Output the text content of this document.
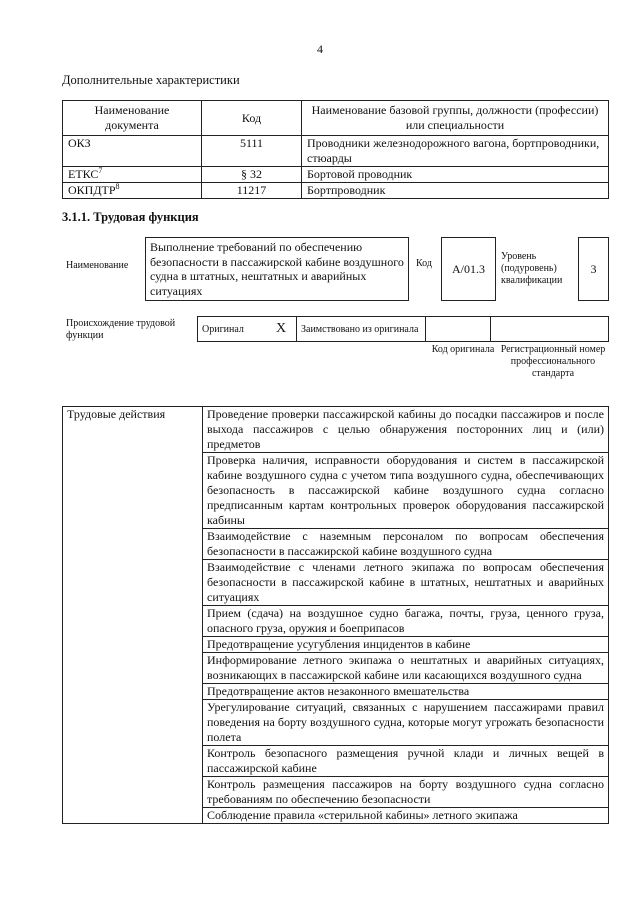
4
Дополнительные характеристики
Наименование документа	Код	Наименование базовой группы, должности (профессии) или специальности
ОКЗ	5111	Проводники железнодорожного вагона, бортпроводники, стюарды
ЕТКС$^7$	§ 32	Бортовой проводник
ОКПДТР$^8$	11217	Бортпроводник
3.1.1. Трудовая функция
Наименование
Выполнение требований по обеспечению безопасности в пассажирской кабине воздушного судна в штатных, нештатных и аварийных ситуациях
Код A/01.3
Уровень (подуровень) квалификации
3
Происхождение трудовой функции
Оригинал	X	Заимствовано из оригинала		
Код оригинала Регистрационный номер профессионального стандарта
Трудовые действия	Проведение проверки пассажирской кабины до посадки пассажиров и после выхода пассажиров с целью обнаружения посторонних лиц и (или) предметов
Проверка наличия, исправности оборудования и систем в пассажирской кабине воздушного судна с учетом типа воздушного судна, обеспечивающих безопасность в пассажирской кабине воздушного судна согласно предписанным картам контрольных проверок оборудования пассажирской кабины
Взаимодействие с наземным персоналом по вопросам обеспечения безопасности в пассажирской кабине воздушного судна
Взаимодействие с членами летного экипажа по вопросам обеспечения безопасности в пассажирской кабине в штатных, нештатных и аварийных ситуациях
Прием (сдача) на воздушное судно багажа, почты, груза, ценного груза, опасного груза, оружия и боеприпасов
Предотвращение усугубления инцидентов в кабине
Информирование летного экипажа о нештатных и аварийных ситуациях, возникающих в пассажирской кабине или касающихся воздушного судна
Предотвращение актов незаконного вмешательства
Урегулирование ситуаций, связанных с нарушением пассажирами правил поведения на борту воздушного судна, которые могут угрожать безопасности полета
Контроль безопасного размещения ручной клади и личных вещей в пассажирской кабине
Контроль размещения пассажиров на борту воздушного судна согласно требованиям по обеспечению безопасности
Соблюдение правила «стерильной кабины» летного экипажа
